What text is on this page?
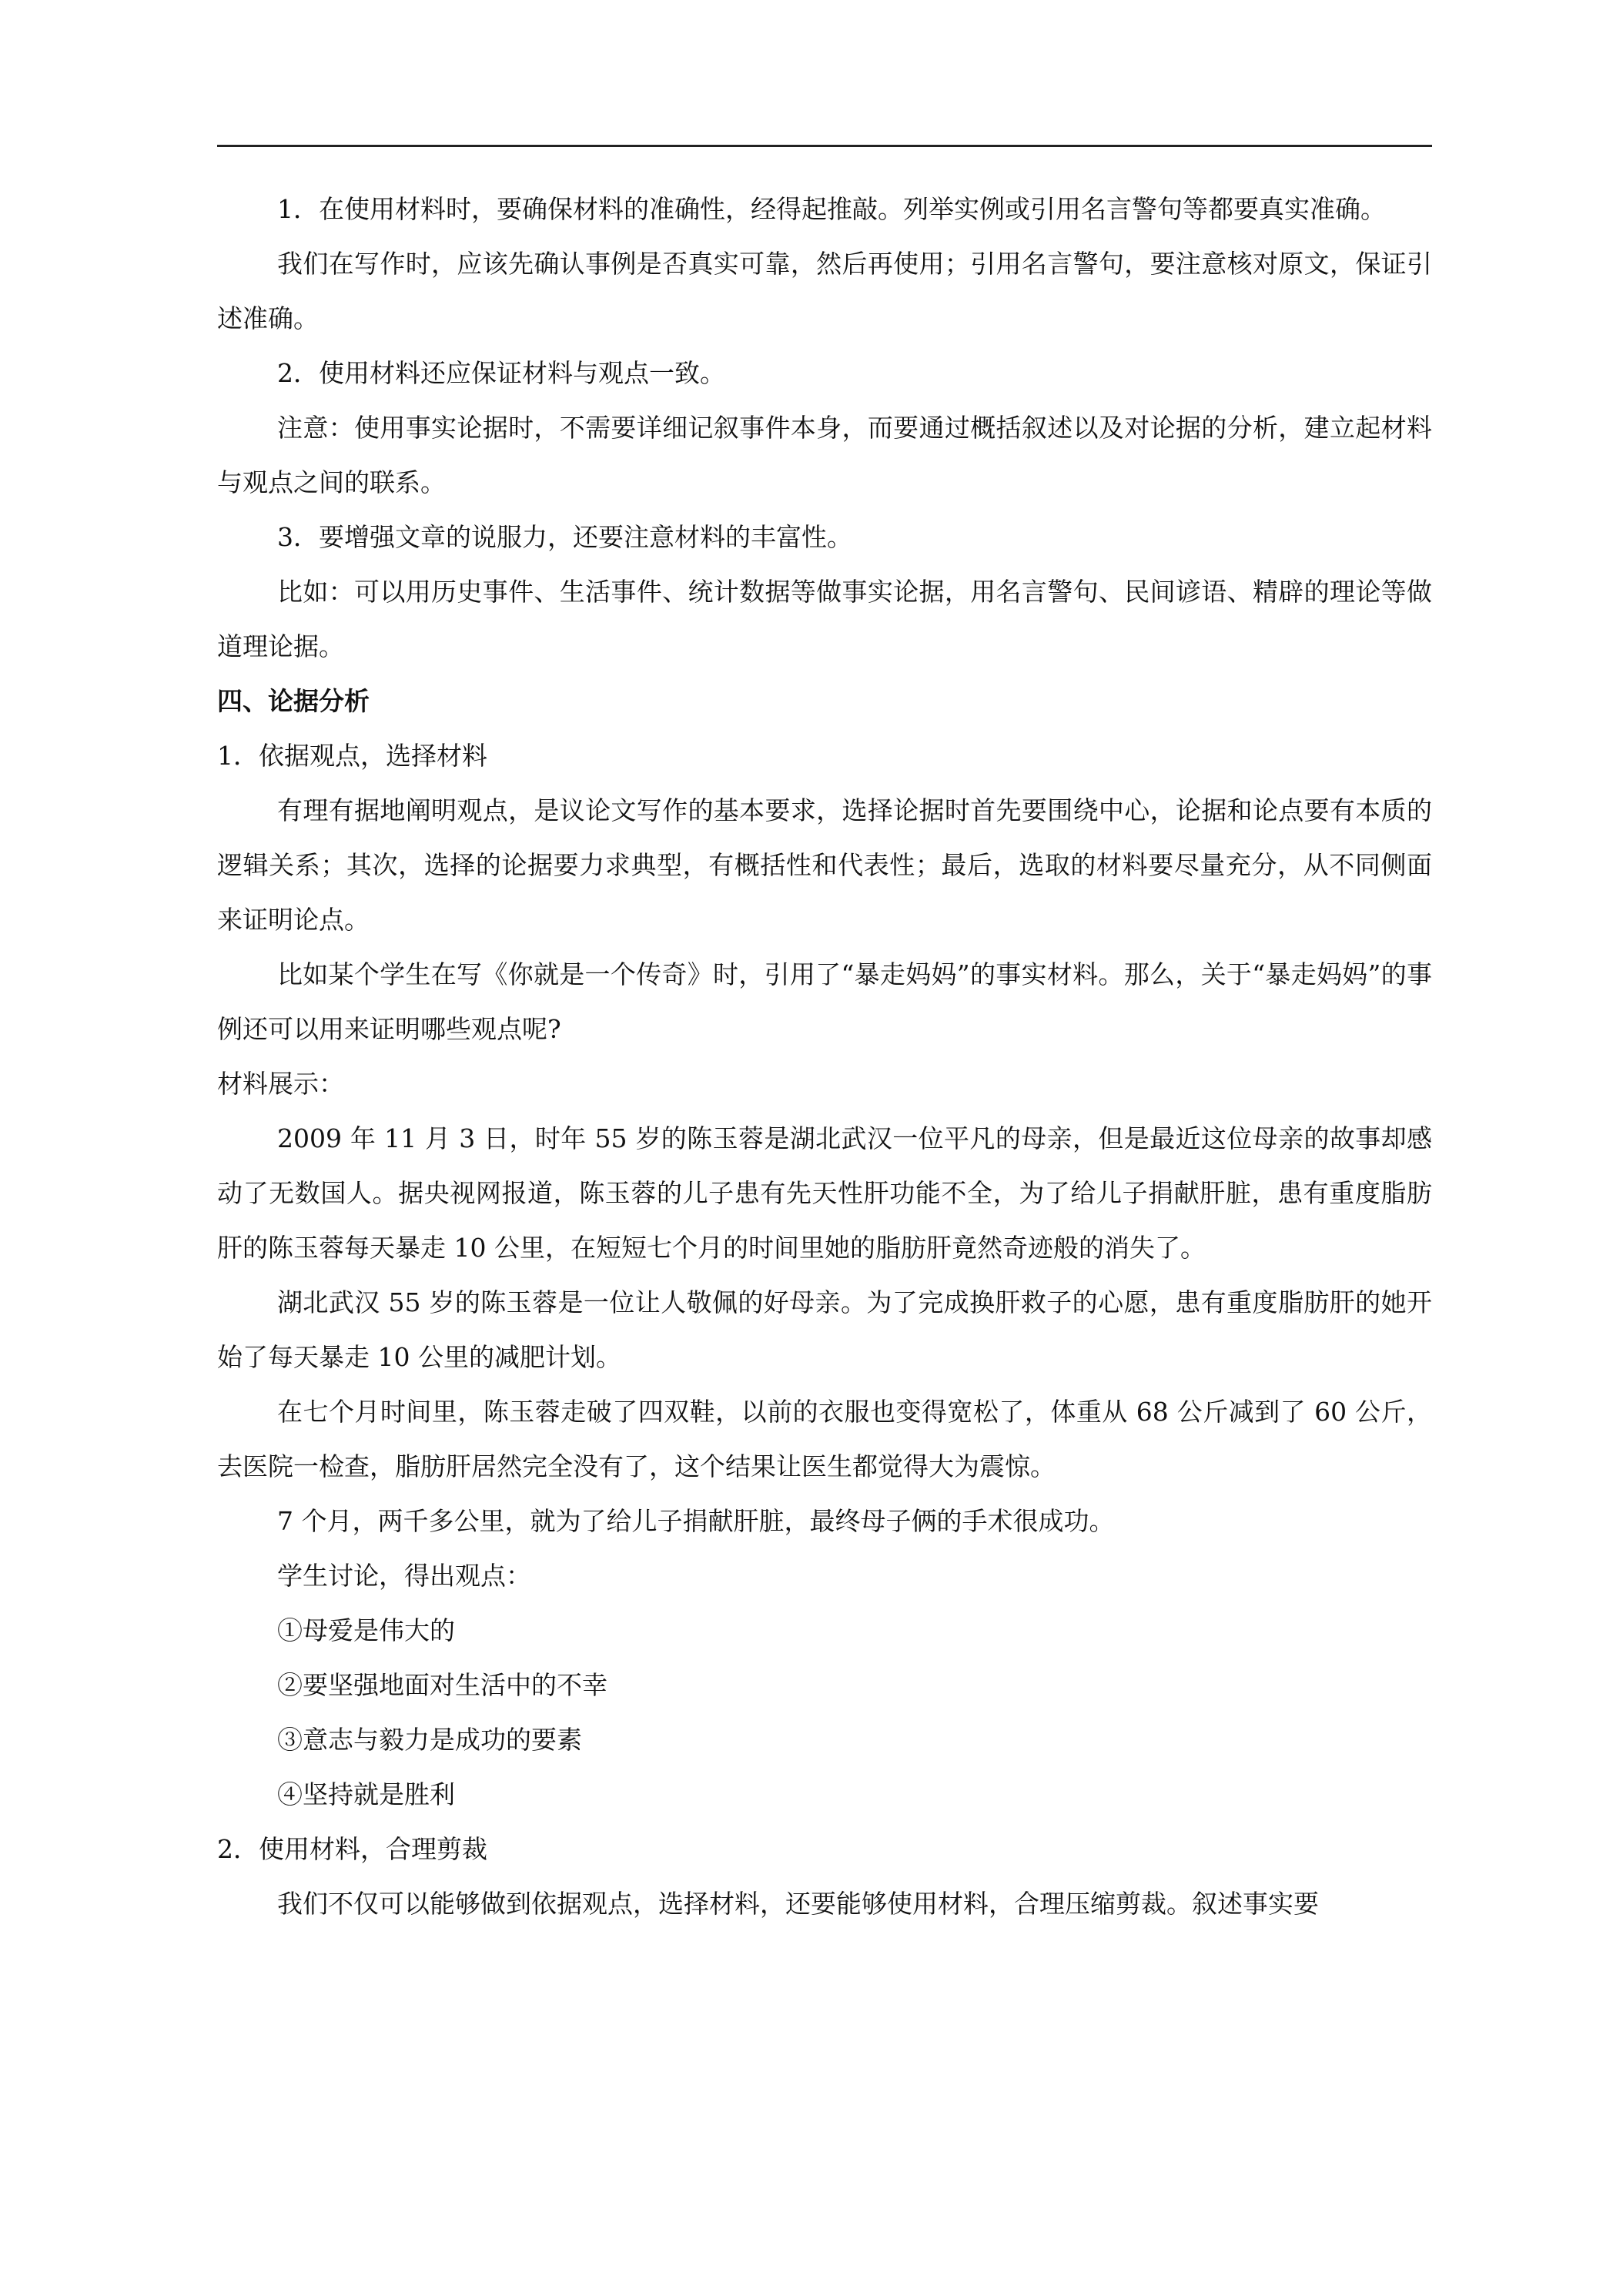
1．在使用材料时，要确保材料的准确性，经得起推敲。列举实例或引用名言警句等都要真实准确。

我们在写作时，应该先确认事例是否真实可靠，然后再使用；引用名言警句，要注意核对原文，保证引述准确。

2．使用材料还应保证材料与观点一致。

注意：使用事实论据时，不需要详细记叙事件本身，而要通过概括叙述以及对论据的分析，建立起材料与观点之间的联系。

3．要增强文章的说服力，还要注意材料的丰富性。

比如：可以用历史事件、生活事件、统计数据等做事实论据，用名言警句、民间谚语、精辟的理论等做道理论据。

四、论据分析

1．依据观点，选择材料

有理有据地阐明观点，是议论文写作的基本要求，选择论据时首先要围绕中心，论据和论点要有本质的逻辑关系；其次，选择的论据要力求典型，有概括性和代表性；最后，选取的材料要尽量充分，从不同侧面来证明论点。

比如某个学生在写《你就是一个传奇》时，引用了“暴走妈妈”的事实材料。那么，关于“暴走妈妈”的事例还可以用来证明哪些观点呢?

材料展示：

2009 年 11 月 3 日，时年 55 岁的陈玉蓉是湖北武汉一位平凡的母亲，但是最近这位母亲的故事却感动了无数国人。据央视网报道，陈玉蓉的儿子患有先天性肝功能不全，为了给儿子捐献肝脏，患有重度脂肪肝的陈玉蓉每天暴走 10 公里，在短短七个月的时间里她的脂肪肝竟然奇迹般的消失了。

湖北武汉 55 岁的陈玉蓉是一位让人敬佩的好母亲。为了完成换肝救子的心愿，患有重度脂肪肝的她开始了每天暴走 10 公里的减肥计划。

在七个月时间里，陈玉蓉走破了四双鞋，以前的衣服也变得宽松了，体重从 68 公斤减到了 60 公斤，去医院一检查，脂肪肝居然完全没有了，这个结果让医生都觉得大为震惊。

7 个月，两千多公里，就为了给儿子捐献肝脏，最终母子俩的手术很成功。

学生讨论，得出观点：

①母爱是伟大的

②要坚强地面对生活中的不幸

③意志与毅力是成功的要素

④坚持就是胜利

2．使用材料，合理剪裁

我们不仅可以能够做到依据观点，选择材料，还要能够使用材料，合理压缩剪裁。叙述事实要
